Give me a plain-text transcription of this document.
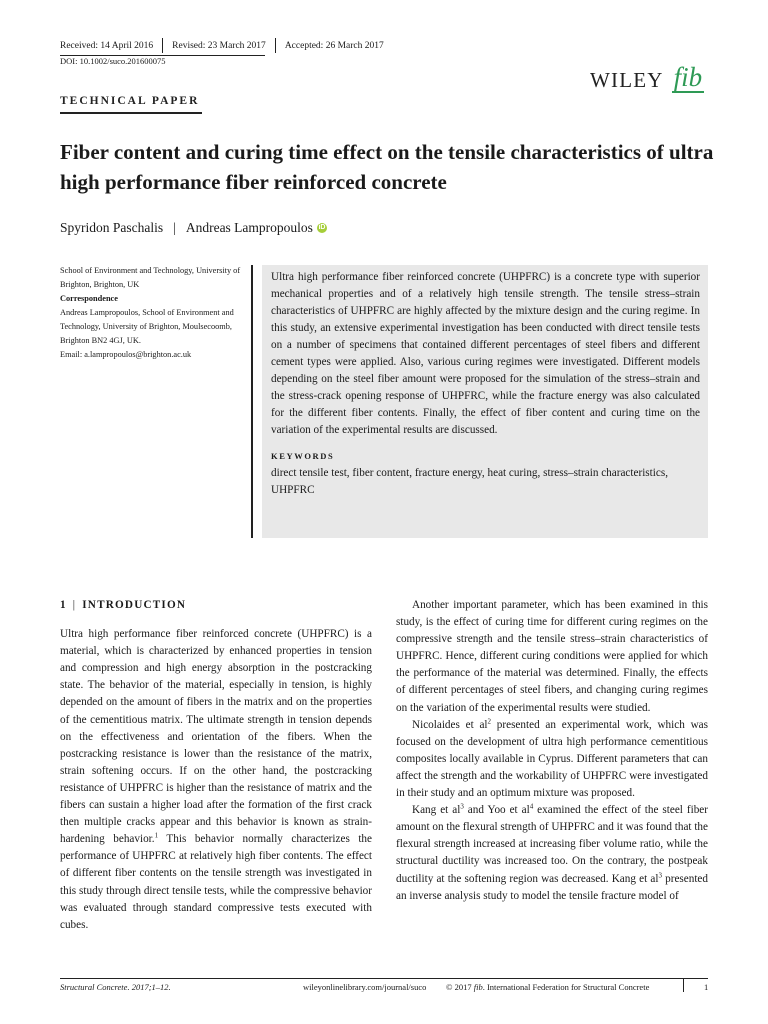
Received: 14 April 2016 Revised: 23 March 2017 Accepted: 26 March 2017
DOI: 10.1002/suco.201600075
WILEY fib
TECHNICAL PAPER
Fiber content and curing time effect on the tensile characteristics of ultra high performance fiber reinforced concrete
Spyridon Paschalis | Andreas Lampropoulos iD
School of Environment and Technology, University of Brighton, Brighton, UK
Correspondence
Andreas Lampropoulos, School of Environment and Technology, University of Brighton, Moulsecoomb, Brighton BN2 4GJ, UK.
Email: a.lampropoulos@brighton.ac.uk

Ultra high performance fiber reinforced concrete (UHPFRC) is a concrete type with superior mechanical properties and of a relatively high tensile strength. The tensile stress–strain characteristics of UHPFRC are highly affected by the mixture design and the curing regime. In this study, an extensive experimental investigation has been conducted with direct tensile tests on a number of specimens that contained different percentages of steel fibers and different cement types were applied. Also, various curing regimes were investigated. Different models depending on the steel fiber amount were proposed for the simulation of the stress–strain and the stress-crack opening response of UHPFRC, while the fracture energy was also calculated for the different fiber contents. Finally, the effect of fiber content and curing time on the variation of the experimental results are discussed.

KEYWORDS
direct tensile test, fiber content, fracture energy, heat curing, stress–strain characteristics, UHPFRC

1 | INTRODUCTION

Ultra high performance fiber reinforced concrete (UHPFRC) is a material, which is characterized by enhanced properties in tension and compression and high energy absorption in the postcracking state. The behavior of the material, especially in tension, is highly depended on the amount of fibers in the matrix and on the properties of the cementitious matrix. The ultimate strength in tension depends on the effectiveness and orientation of the fibers. When the postcracking resistance is lower than the resistance of the matrix, strain softening occurs. If on the other hand, the postcracking resistance of UHPFRC is higher than the resistance of matrix and the fibers can sustain a higher load after the formation of the first crack then multiple cracks appear and this behavior is known as strain-hardening behavior.$^1$ This behavior normally characterizes the performance of UHPFRC at relatively high fiber contents. The effect of different fiber contents on the tensile strength was investigated in this study through direct tensile tests, while the compressive behavior was evaluated through standard compressive tests executed with cubes.

Another important parameter, which has been examined in this study, is the effect of curing time for different curing regimes on the compressive strength and the tensile stress–strain characteristics of UHPFRC. Hence, different curing conditions were applied for which the performance of the material was determined. Finally, the effects of different percentages of steel fibers, and changing curing regimes on the variation of the experimental results were studied.

Nicolaides et $al^2$ presented an experimental work, which was focused on the development of ultra high performance cementitious composites locally available in Cyprus. Different parameters that can affect the strength and the workability of UHPFRC were investigated in their study and an optimum mixture was proposed.

Kang et $al^3$ and Yoo et $al^4$ examined the effect of the steel fiber amount on the flexural strength of UHPFRC and it was found that the flexural strength increased at increasing fiber volume ratio, while the structural ductility was increased too. On the contrary, the postpeak ductility at the softening region was decreased. Kang et $al^3$ presented an inverse analysis study to model the tensile fracture model of

Structural Concrete. 2017;1–12.	wileyonlinelibrary.com/journal/suco © 2017 fib. International Federation for Structural Concrete	1
